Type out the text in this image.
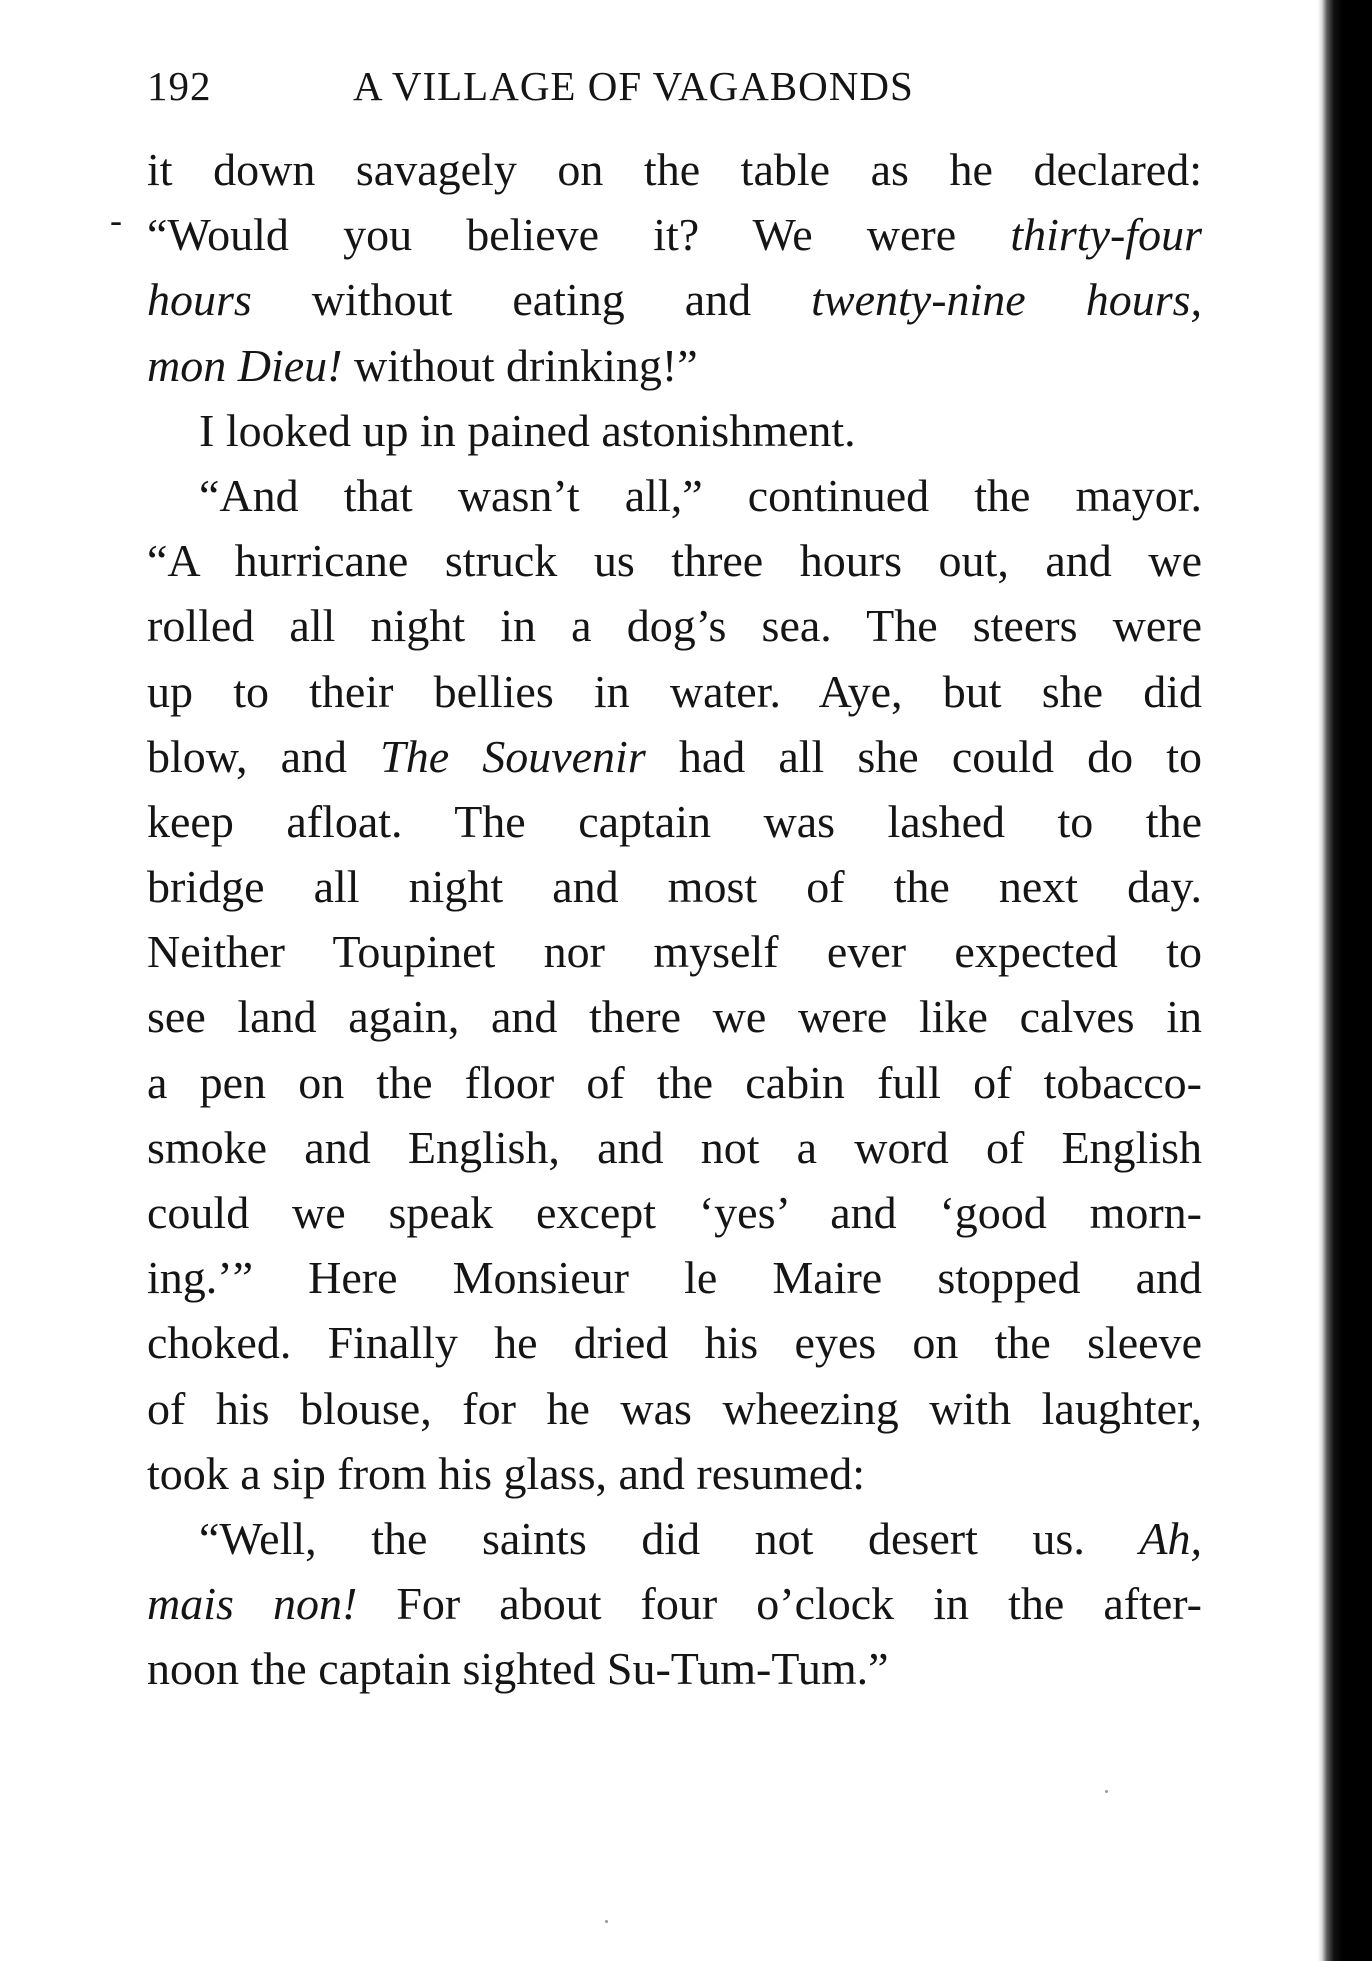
192	A VILLAGE OF VAGABONDS
-
it down savagely on the table as he declared:
“Would you believe it? We were thirty-four
hours without eating and twenty-nine hours,
mon Dieu! without drinking!”
I looked up in pained astonishment.
“And that wasn’t all,” continued the mayor.
“A hurricane struck us three hours out, and we
rolled all night in a dog’s sea. The steers were
up to their bellies in water. Aye, but she did
blow, and The Souvenir had all she could do to
keep afloat. The captain was lashed to the
bridge all night and most of the next day.
Neither Toupinet nor myself ever expected to
see land again, and there we were like calves in
a pen on the floor of the cabin full of tobacco-
smoke and English, and not a word of English
could we speak except ‘yes’ and ‘good morn-
ing.’” Here Monsieur le Maire stopped and
choked. Finally he dried his eyes on the sleeve
of his blouse, for he was wheezing with laughter,
took a sip from his glass, and resumed:
“Well, the saints did not desert us. Ah,
mais non! For about four o’clock in the after-
noon the captain sighted Su-Tum-Tum.”
